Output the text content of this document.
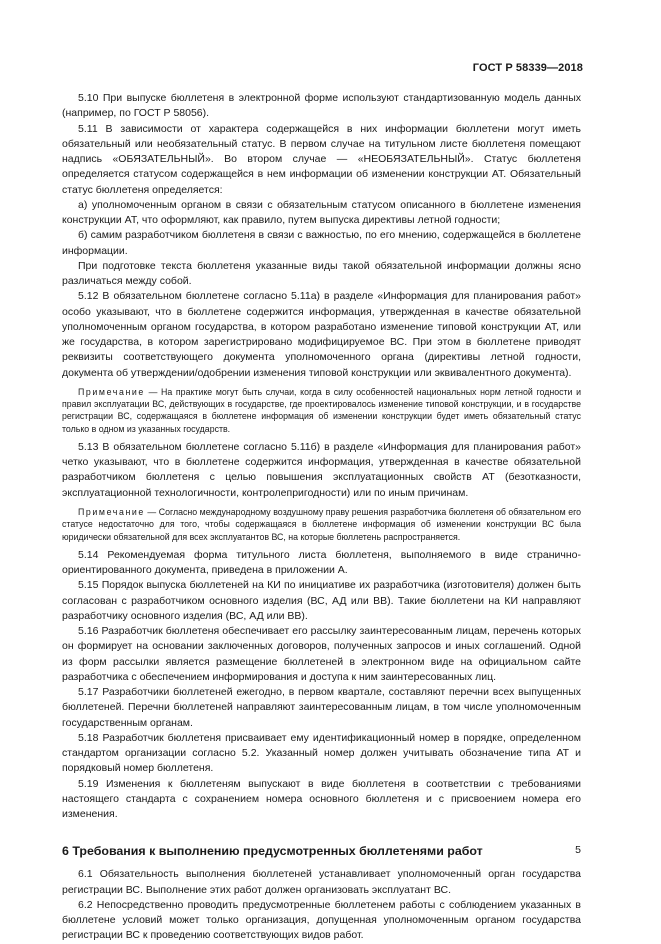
ГОСТ Р 58339—2018

5.10 При выпуске бюллетеня в электронной форме используют стандартизованную модель данных (например, по ГОСТ Р 58056).

5.11 В зависимости от характера содержащейся в них информации бюллетени могут иметь обязательный или необязательный статус. В первом случае на титульном листе бюллетеня помещают надпись «ОБЯЗАТЕЛЬНЫЙ». Во втором случае — «НЕОБЯЗАТЕЛЬНЫЙ». Статус бюллетеня определяется статусом содержащейся в нем информации об изменении конструкции АТ. Обязательный статус бюллетеня определяется:

а) уполномоченным органом в связи с обязательным статусом описанного в бюллетене изменения конструкции АТ, что оформляют, как правило, путем выпуска директивы летной годности;

б) самим разработчиком бюллетеня в связи с важностью, по его мнению, содержащейся в бюллетене информации.

При подготовке текста бюллетеня указанные виды такой обязательной информации должны ясно различаться между собой.

5.12 В обязательном бюллетене согласно 5.11а) в разделе «Информация для планирования работ» особо указывают, что в бюллетене содержится информация, утвержденная в качестве обязательной уполномоченным органом государства, в котором разработано изменение типовой конструкции АТ, или же государства, в котором зарегистрировано модифицируемое ВС. При этом в бюллетене приводят реквизиты соответствующего документа уполномоченного органа (директивы летной годности, документа об утверждении/одобрении изменения типовой конструкции или эквивалентного документа).

Примечание — На практике могут быть случаи, когда в силу особенностей национальных норм летной годности и правил эксплуатации ВС, действующих в государстве, где проектировалось изменение типовой конструкции, и в государстве регистрации ВС, содержащаяся в бюллетене информация об изменении конструкции будет иметь обязательный статус только в одном из указанных государств.

5.13 В обязательном бюллетене согласно 5.11б) в разделе «Информация для планирования работ» четко указывают, что в бюллетене содержится информация, утвержденная в качестве обязательной разработчиком бюллетеня с целью повышения эксплуатационных свойств АТ (безотказности, эксплуатационной технологичности, контролепригодности) или по иным причинам.

Примечание — Согласно международному воздушному праву решения разработчика бюллетеня об обязательном его статусе недостаточно для того, чтобы содержащаяся в бюллетене информация об изменении конструкции ВС была юридически обязательной для всех эксплуатантов ВС, на которые бюллетень распространяется.

5.14 Рекомендуемая форма титульного листа бюллетеня, выполняемого в виде странично-ориентированного документа, приведена в приложении А.

5.15 Порядок выпуска бюллетеней на КИ по инициативе их разработчика (изготовителя) должен быть согласован с разработчиком основного изделия (ВС, АД или ВВ). Такие бюллетени на КИ направляют разработчику основного изделия (ВС, АД или ВВ).

5.16 Разработчик бюллетеня обеспечивает его рассылку заинтересованным лицам, перечень которых он формирует на основании заключенных договоров, полученных запросов и иных соглашений. Одной из форм рассылки является размещение бюллетеней в электронном виде на официальном сайте разработчика с обеспечением информирования и доступа к ним заинтересованных лиц.

5.17 Разработчики бюллетеней ежегодно, в первом квартале, составляют перечни всех выпущенных бюллетеней. Перечни бюллетеней направляют заинтересованным лицам, в том числе уполномоченным государственным органам.

5.18 Разработчик бюллетеня присваивает ему идентификационный номер в порядке, определенном стандартом организации согласно 5.2. Указанный номер должен учитывать обозначение типа АТ и порядковый номер бюллетеня.

5.19 Изменения к бюллетеням выпускают в виде бюллетеня в соответствии с требованиями настоящего стандарта с сохранением номера основного бюллетеня и с присвоением номера его изменения.

6 Требования к выполнению предусмотренных бюллетенями работ

6.1 Обязательность выполнения бюллетеней устанавливает уполномоченный орган государства регистрации ВС. Выполнение этих работ должен организовать эксплуатант ВС.

6.2 Непосредственно проводить предусмотренные бюллетенем работы с соблюдением указанных в бюллетене условий может только организация, допущенная уполномоченным органом государства регистрации ВС к проведению соответствующих видов работ.

5
